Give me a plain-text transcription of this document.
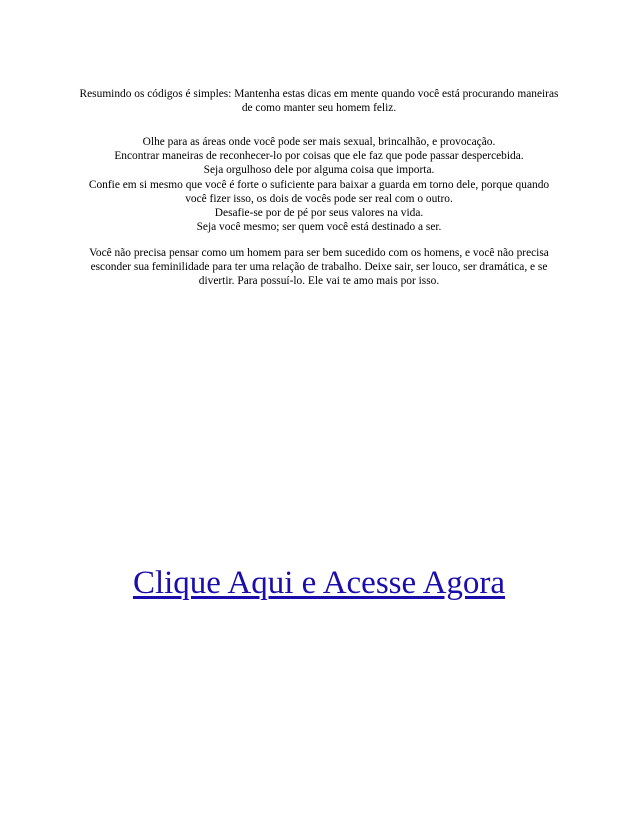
Resumindo os códigos é simples: Mantenha estas dicas em mente quando você está procurando maneiras

de como manter seu homem feliz.

Olhe para as áreas onde você pode ser mais sexual, brincalhão, e provocação.

Encontrar maneiras de reconhecer-lo por coisas que ele faz que pode passar despercebida.

Seja orgulhoso dele por alguma coisa que importa.

Confie em si mesmo que você é forte o suficiente para baixar a guarda em torno dele, porque quando

você fizer isso, os dois de vocês pode ser real com o outro.

Desafie-se por de pé por seus valores na vida.

Seja você mesmo; ser quem você está destinado a ser.

Você não precisa pensar como um homem para ser bem sucedido com os homens, e você não precisa

esconder sua feminilidade para ter uma relação de trabalho. Deixe sair, ser louco, ser dramática, e se

divertir. Para possuí-lo. Ele vai te amo mais por isso.

Clique Aqui e Acesse Agora
